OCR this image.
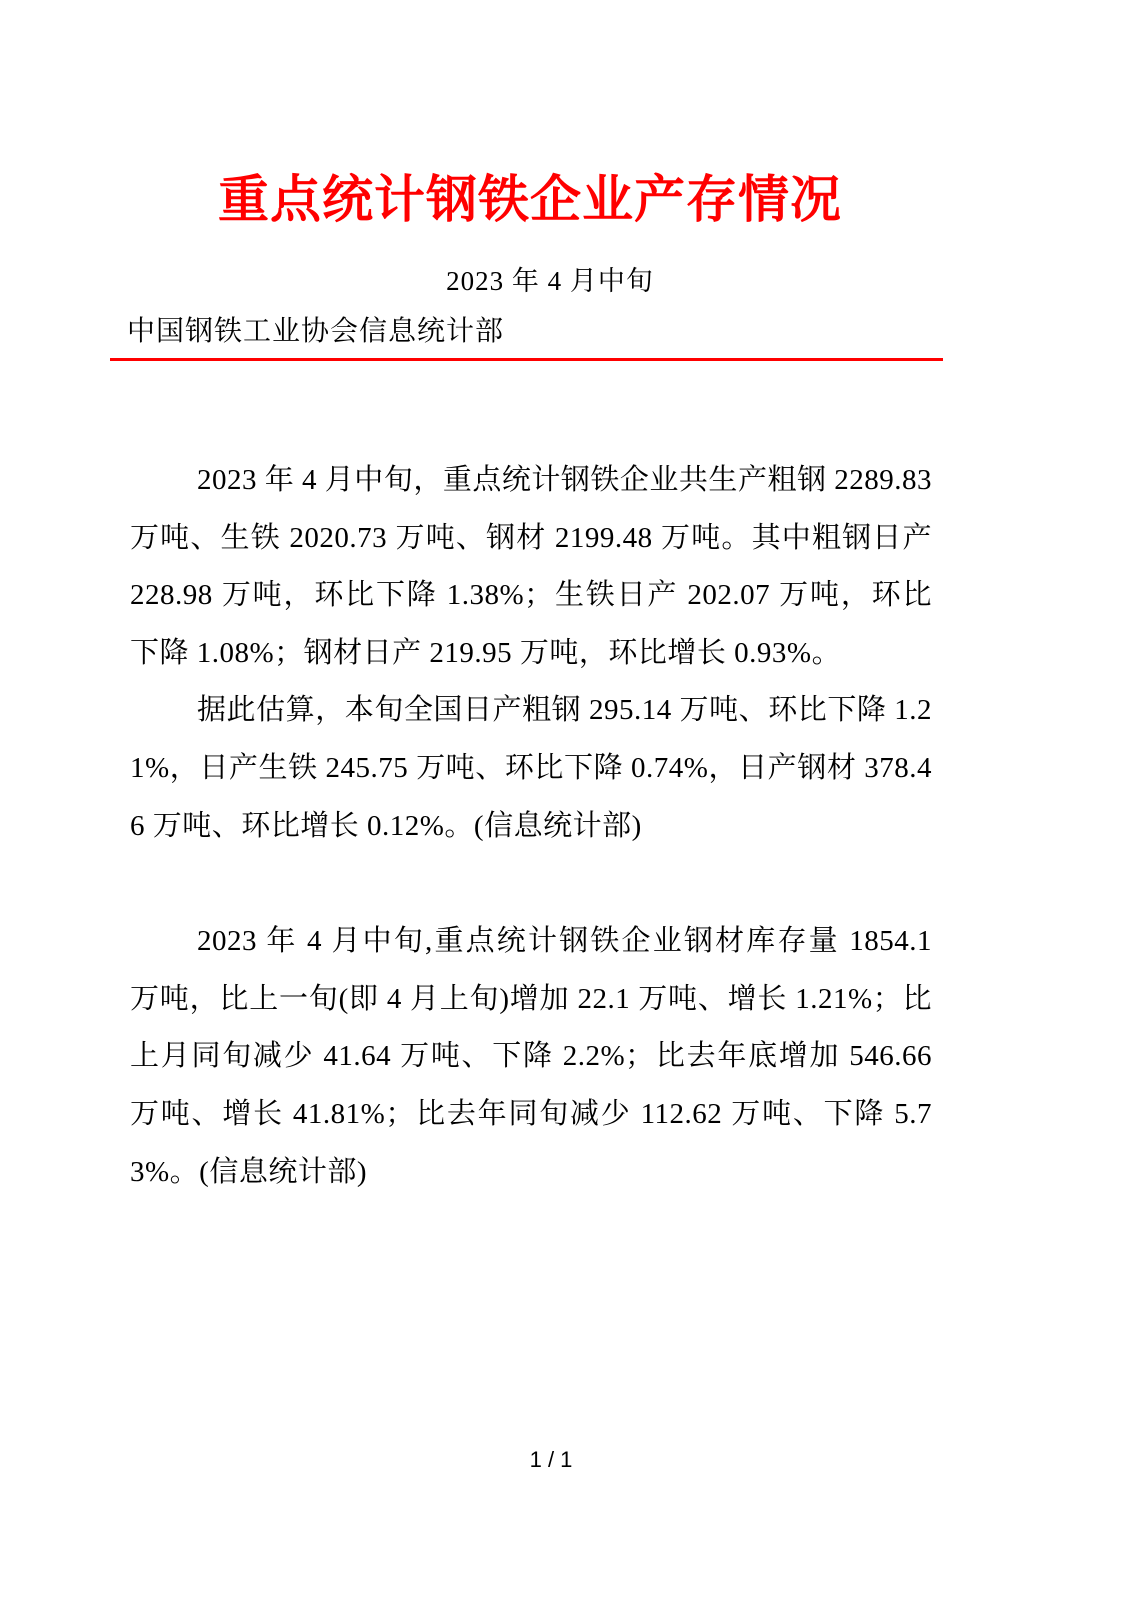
重点统计钢铁企业产存情况
2023 年 4 月中旬
中国钢铁工业协会信息统计部

2023 年 4 月中旬，重点统计钢铁企业共生产粗钢 2289.83 万吨、生铁 2020.73 万吨、钢材 2199.48 万吨。其中粗钢日产 228.98 万吨，环比下降 1.38%；生铁日产 202.07 万吨，环比下降 1.08%；钢材日产 219.95 万吨，环比增长 0.93%。

据此估算，本旬全国日产粗钢 295.14 万吨、环比下降 1.21%，日产生铁 245.75 万吨、环比下降 0.74%，日产钢材 378.46 万吨、环比增长 0.12%。(信息统计部)

2023 年 4 月中旬,重点统计钢铁企业钢材库存量 1854.1 万吨，比上一旬(即 4 月上旬)增加 22.1 万吨、增长 1.21%；比上月同旬减少 41.64 万吨、下降 2.2%；比去年底增加 546.66 万吨、增长 41.81%；比去年同旬减少 112.62 万吨、下降 5.73%。(信息统计部)

1 / 1
